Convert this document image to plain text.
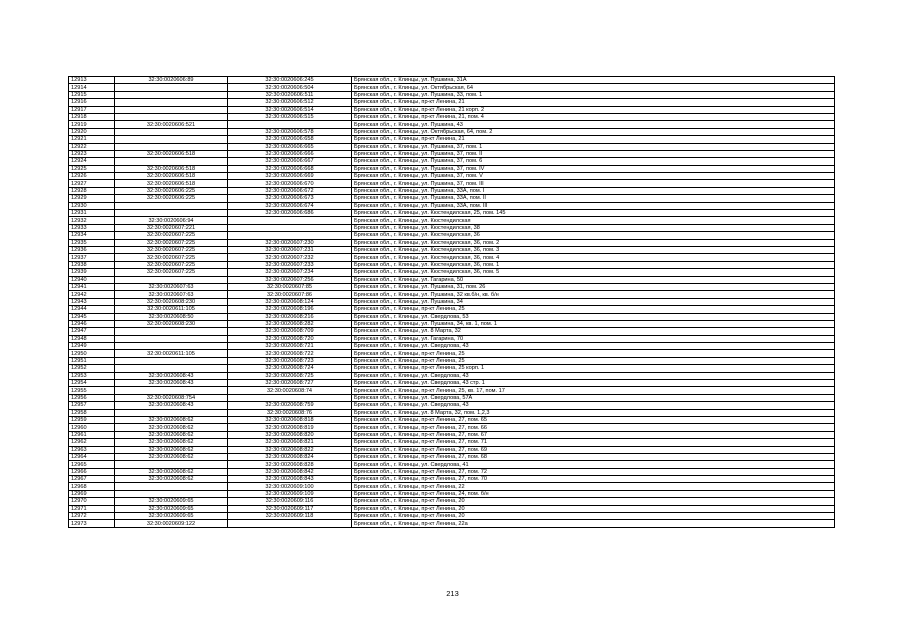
12913	32:30:0020606:89	32:30:0020606:245	Брянская обл., г. Клинцы, ул. Пушкина, 31А
12914		32:30:0020606:504	Брянская обл., г. Клинцы, ул. Октябрьская, 64
12915		32:30:0020606:511	Брянская обл., г. Клинцы, ул. Пушкина, 33, пом. 1
12916		32:30:0020606:512	Брянская обл., г. Клинцы, пр-кт Ленина, 21
12917		32:30:0020606:514	Брянская обл., г. Клинцы, пр-кт Ленина, 21 корп. 2
12918		32:30:0020606:515	Брянская обл., г. Клинцы, пр-кт Ленина, 21, пом. 4
12919	32:30:0020606:521		Брянская обл., г. Клинцы, ул. Пушкина, 43
12920		32:30:0020606:578	Брянская обл., г. Клинцы, ул. Октябрьская, 64, пом. 2
12921		32:30:0020606:658	Брянская обл., г. Клинцы, пр-кт Ленина, 21
12922		32:30:0020606:665	Брянская обл., г. Клинцы, ул. Пушкина, 37, пом. 1
12923	32:30:0020606:518	32:30:0020606:666	Брянская обл., г. Клинцы, ул. Пушкина, 37, пом. II
12924		32:30:0020606:667	Брянская обл., г. Клинцы, ул. Пушкина, 37, пом. 6
12925	32:30:0020606:518	32:30:0020606:668	Брянская обл., г. Клинцы, ул. Пушкина, 37, пом. IV
12926	32:30:0020606:518	32:30:0020606:669	Брянская обл., г. Клинцы, ул. Пушкина, 37, пом. V
12927	32:30:0020606:518	32:30:0020606:670	Брянская обл., г. Клинцы, ул. Пушкина, 37, пом. III
12928	32:30:0020606:225	32:30:0020606:672	Брянская обл., г. Клинцы, ул. Пушкина, 33А, пом. I
12929	32:30:0020606:225	32:30:0020606:673	Брянская обл., г. Клинцы, ул. Пушкина, 33А, пом. II
12930		32:30:0020606:674	Брянская обл., г. Клинцы, ул. Пушкина, 33А, пом. III
12931		32:30:0020606:686	Брянская обл., г. Клинцы, ул. Кюстендилская, 25, пом. 145
12932	32:30:0020606:94		Брянская обл., г. Клинцы, ул. Кюстендилская
12933	32:30:0020607:221		Брянская обл., г. Клинцы, ул. Кюстендилская, 38
12934	32:30:0020607:225		Брянская обл., г. Клинцы, ул. Кюстендилская, 36
12935	32:30:0020607:225	32:30:0020607:230	Брянская обл., г. Клинцы, ул. Кюстендилская, 36, пом. 2
12936	32:30:0020607:225	32:30:0020607:231	Брянская обл., г. Клинцы, ул. Кюстендилская, 36, пом. 3
12937	32:30:0020607:225	32:30:0020607:232	Брянская обл., г. Клинцы, ул. Кюстендилская, 36, пом. 4
12938	32:30:0020607:225	32:30:0020607:233	Брянская обл., г. Клинцы, ул. Кюстендилская, 36, пом. 1
12939	32:30:0020607:225	32:30:0020607:234	Брянская обл., г. Клинцы, ул. Кюстендилская, 36, пом. 5
12940		32:30:0020607:256	Брянская обл., г. Клинцы, ул. Гагарина, 50
12941	32:30:0020607:63	32:30:0020607:85	Брянская обл., г. Клинцы, ул. Пушкина, 31, пом. 26
12942	32:30:0020607:63	32:30:0020607:86	Брянская обл., г. Клинцы, ул. Пушкина, 32 кв.б/н, кв. б/н
12943	32:30:0020608:230	32:30:0020608:124	Брянская обл., г. Клинцы, ул. Пушкина, 34
12944	32:30:0020611:105	32:30:0020608:196	Брянская обл., г. Клинцы, пр-кт Ленина, 25
12945	32:30:0020608:50	32:30:0020608:216	Брянская обл., г. Клинцы, ул. Свердлова, 53
12946	32:30:0020608:230	32:30:0020608:282	Брянская обл., г. Клинцы, ул. Пушкина, 34, кв. 1, пом. 1
12947		32:30:0020608:709	Брянская обл., г. Клинцы, ул. 8 Марта, 32
12948		32:30:0020608:720	Брянская обл., г. Клинцы, ул. Гагарина, 70
12949		32:30:0020608:721	Брянская обл., г. Клинцы, ул. Свердлова, 43
12950	32:30:0020611:105	32:30:0020608:722	Брянская обл., г. Клинцы, пр-кт Ленина, 25
12951		32:30:0020608:723	Брянская обл., г. Клинцы, пр-кт Ленина, 25
12952		32:30:0020608:724	Брянская обл., г. Клинцы, пр-кт Ленина, 25 корп. 1
12953	32:30:0020608:43	32:30:0020608:725	Брянская обл., г. Клинцы, ул. Свердлова, 43
12954	32:30:0020608:43	32:30:0020608:727	Брянская обл., г. Клинцы, ул. Свердлова, 43 стр. 1
12955		32:30:0020608:74	Брянская обл., г. Клинцы, пр-кт Ленина, 25, кв. 17, пом. 17
12956	32:30:0020608:754		Брянская обл., г. Клинцы, ул. Свердлова, 57А
12957	32:30:0020608:43	32:30:0020608:759	Брянская обл., г. Клинцы, ул. Свердлова, 43
12958		32:30:0020608:76	Брянская обл., г. Клинцы, ул. 8 Марта, 32, пом. 1,2,3
12959	32:30:0020608:62	32:30:0020608:818	Брянская обл., г. Клинцы, пр-кт Ленина, 27, пом. 65
12960	32:30:0020608:62	32:30:0020608:819	Брянская обл., г. Клинцы, пр-кт Ленина, 27, пом. 66
12961	32:30:0020608:62	32:30:0020608:820	Брянская обл., г. Клинцы, пр-кт Ленина, 27, пом. 67
12962	32:30:0020608:62	32:30:0020608:821	Брянская обл., г. Клинцы, пр-кт Ленина, 27, пом. 71
12963	32:30:0020608:62	32:30:0020608:822	Брянская обл., г. Клинцы, пр-кт Ленина, 27, пом. 69
12964	32:30:0020608:62	32:30:0020608:824	Брянская обл., г. Клинцы, пр-кт Ленина, 27, пом. 68
12965		32:30:0020608:828	Брянская обл., г. Клинцы, ул. Свердлова, 41
12966	32:30:0020608:62	32:30:0020608:842	Брянская обл., г. Клинцы, пр-кт Ленина, 27, пом. 72
12967	32:30:0020608:62	32:30:0020608:843	Брянская обл., г. Клинцы, пр-кт Ленина, 27, пом. 70
12968		32:30:0020609:100	Брянская обл., г. Клинцы, пр-кт Ленина, 22
12969		32:30:0020609:109	Брянская обл., г. Клинцы, пр-кт Ленина, 24, пом. б/н
12970	32:30:0020609:65	32:30:0020609:116	Брянская обл., г. Клинцы, пр-кт Ленина, 20
12971	32:30:0020609:65	32:30:0020609:117	Брянская обл., г. Клинцы, пр-кт Ленина, 20
12972	32:30:0020609:65	32:30:0020609:118	Брянская обл., г. Клинцы, пр-кт Ленина, 20
12973	32:30:0020609:122		Брянская обл., г. Клинцы, пр-кт Ленина, 22а
213
